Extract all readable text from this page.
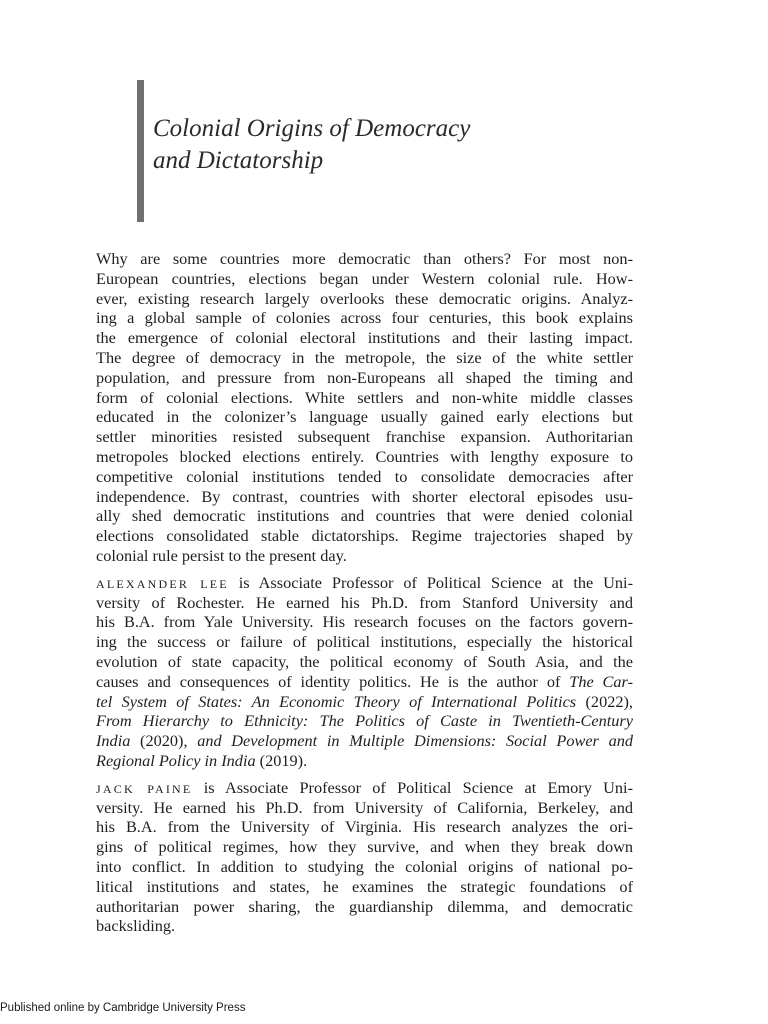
Colonial Origins of Democracy
and Dictatorship
Why are some countries more democratic than others? For most non-
European countries, elections began under Western colonial rule. How-
ever, existing research largely overlooks these democratic origins. Analyz-
ing a global sample of colonies across four centuries, this book explains
the emergence of colonial electoral institutions and their lasting impact.
The degree of democracy in the metropole, the size of the white settler
population, and pressure from non-Europeans all shaped the timing and
form of colonial elections. White settlers and non-white middle classes
educated in the colonizer’s language usually gained early elections but
settler minorities resisted subsequent franchise expansion. Authoritarian
metropoles blocked elections entirely. Countries with lengthy exposure to
competitive colonial institutions tended to consolidate democracies after
independence. By contrast, countries with shorter electoral episodes usu-
ally shed democratic institutions and countries that were denied colonial
elections consolidated stable dictatorships. Regime trajectories shaped by
colonial rule persist to the present day.
ALEXANDER LEE is Associate Professor of Political Science at the Uni-
versity of Rochester. He earned his Ph.D. from Stanford University and
his B.A. from Yale University. His research focuses on the factors govern-
ing the success or failure of political institutions, especially the historical
evolution of state capacity, the political economy of South Asia, and the
causes and consequences of identity politics. He is the author of The Car-
tel System of States: An Economic Theory of International Politics (2022),
From Hierarchy to Ethnicity: The Politics of Caste in Twentieth-Century
India (2020), and Development in Multiple Dimensions: Social Power and
Regional Policy in India (2019).
JACK PAINE is Associate Professor of Political Science at Emory Uni-
versity. He earned his Ph.D. from University of California, Berkeley, and
his B.A. from the University of Virginia. His research analyzes the ori-
gins of political regimes, how they survive, and when they break down
into conflict. In addition to studying the colonial origins of national po-
litical institutions and states, he examines the strategic foundations of
authoritarian power sharing, the guardianship dilemma, and democratic
backsliding.
Published online by Cambridge University Press
